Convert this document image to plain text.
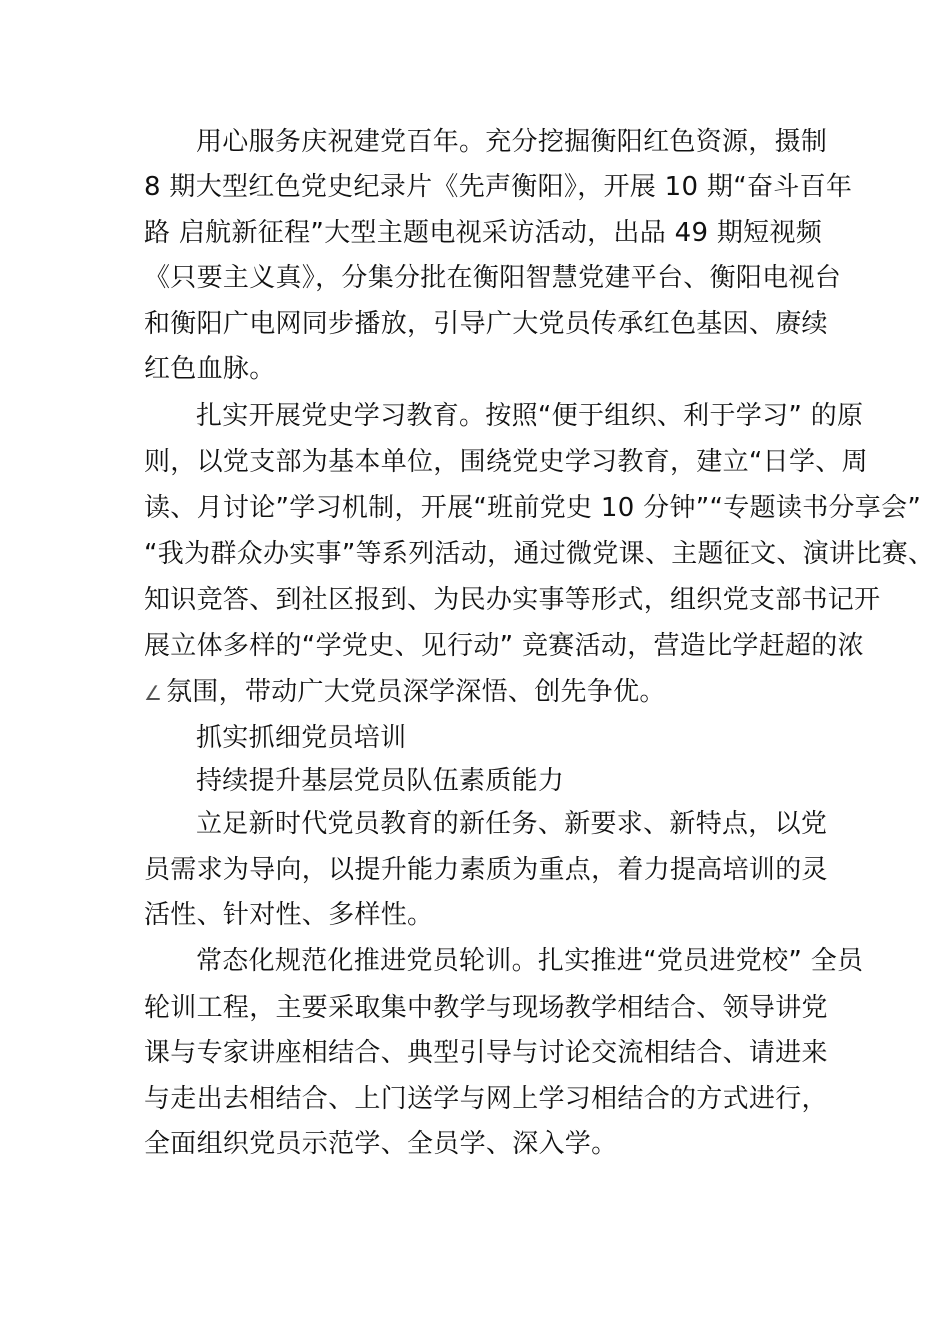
用心服务庆祝建党百年。充分挖掘衡阳红色资源，摄制
8 期大型红色党史纪录片《先声衡阳》，开展 10 期“奋斗百年
路 启航新征程”大型主题电视采访活动，出品 49 期短视频
《只要主义真》，分集分批在衡阳智慧党建平台、衡阳电视台
和衡阳广电网同步播放，引导广大党员传承红色基因、赓续
红色血脉。
扎实开展党史学习教育。按照“便于组织、利于学习” 的原
则，以党支部为基本单位，围绕党史学习教育，建立“日学、周
读、月讨论”学习机制，开展“班前党史 10 分钟”“专题读书分享会”
“我为群众办实事”等系列活动，通过微党课、主题征文、演讲比赛、
知识竞答、到社区报到、为民办实事等形式，组织党支部书记开
展立体多样的“学党史、见行动” 竞赛活动，营造比学赶超的浓
∠ 氛围，带动广大党员深学深悟、创先争优。
抓实抓细党员培训
持续提升基层党员队伍素质能力
立足新时代党员教育的新任务、新要求、新特点，以党
员需求为导向，以提升能力素质为重点，着力提高培训的灵
活性、针对性、多样性。
常态化规范化推进党员轮训。扎实推进“党员进党校” 全员
轮训工程，主要采取集中教学与现场教学相结合、领导讲党
课与专家讲座相结合、典型引导与讨论交流相结合、请进来
与走出去相结合、上门送学与网上学习相结合的方式进行，
全面组织党员示范学、全员学、深入学。
